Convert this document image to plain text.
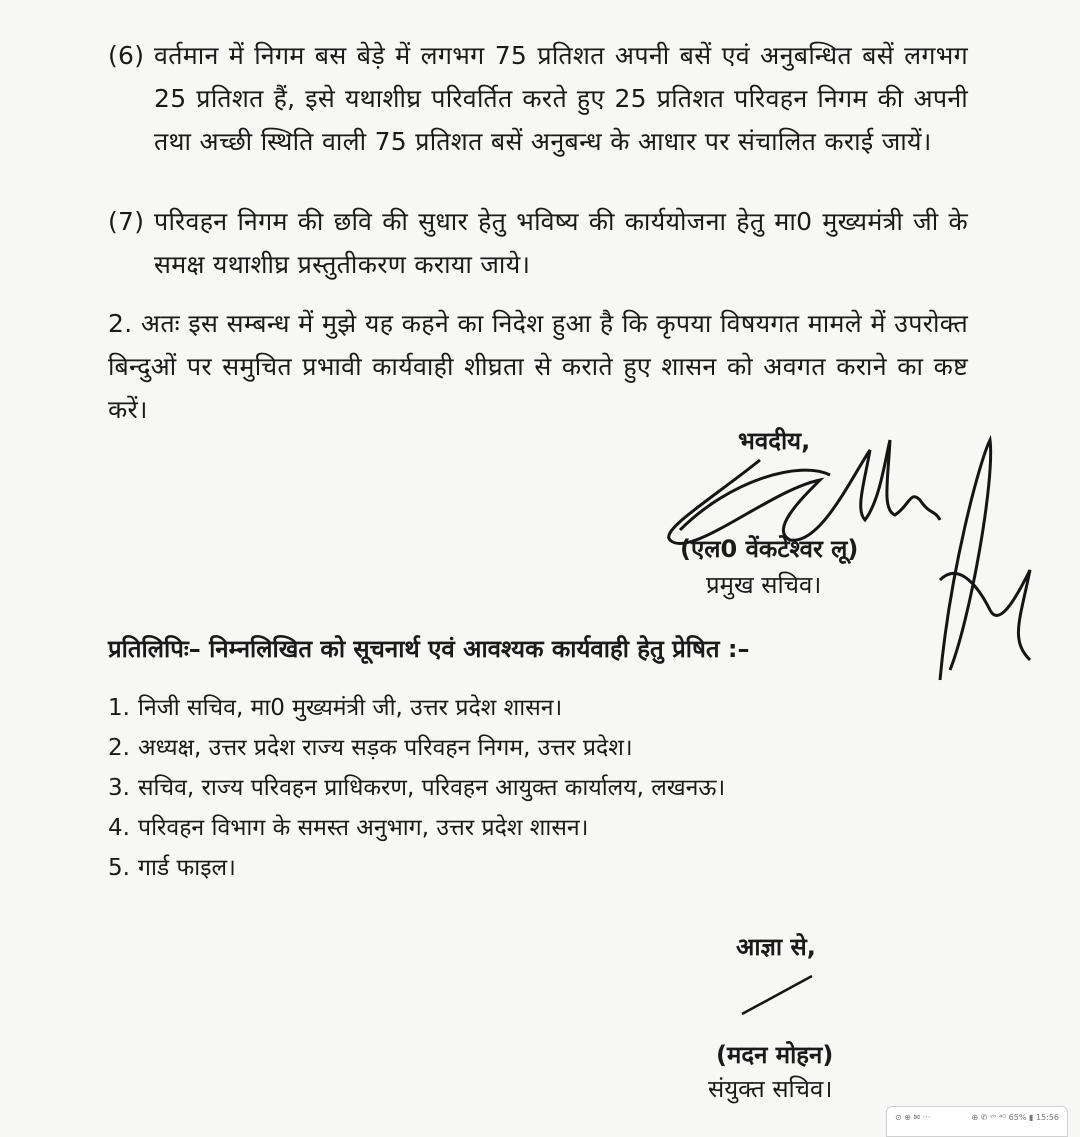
(6) वर्तमान में निगम बस बेड़े में लगभग 75 प्रतिशत अपनी बसें एवं अनुबन्धित बसें लगभग 25 प्रतिशत हैं, इसे यथाशीघ्र परिवर्तित करते हुए 25 प्रतिशत परिवहन निगम की अपनी तथा अच्छी स्थिति वाली 75 प्रतिशत बसें अनुबन्ध के आधार पर संचालित कराई जायें।
(7) परिवहन निगम की छवि की सुधार हेतु भविष्य की कार्ययोजना हेतु मा0 मुख्यमंत्री जी के समक्ष यथाशीघ्र प्रस्तुतीकरण कराया जाये।
2. अतः इस सम्बन्ध में मुझे यह कहने का निदेश हुआ है कि कृपया विषयगत मामले में उपरोक्त बिन्दुओं पर समुचित प्रभावी कार्यवाही शीघ्रता से कराते हुए शासन को अवगत कराने का कष्ट करें।
भवदीय,
(एल0 वेंकटेश्वर लू)
प्रमुख सचिव।
प्रतिलिपिः– निम्नलिखित को सूचनार्थ एवं आवश्यक कार्यवाही हेतु प्रेषित :–
1. निजी सचिव, मा0 मुख्यमंत्री जी, उत्तर प्रदेश शासन।
2. अध्यक्ष, उत्तर प्रदेश राज्य सड़क परिवहन निगम, उत्तर प्रदेश।
3. सचिव, राज्य परिवहन प्राधिकरण, परिवहन आयुक्त कार्यालय, लखनऊ।
4. परिवहन विभाग के समस्त अनुभाग, उत्तर प्रदेश शासन।
5. गार्ड फाइल।
आज्ञा से,
(मदन मोहन)
संयुक्त सचिव।
⊙ ⊕ ✉ ···	⊕ ✆ ᵛᵒ ⁴ᴳ 65% ▮ 15:56
